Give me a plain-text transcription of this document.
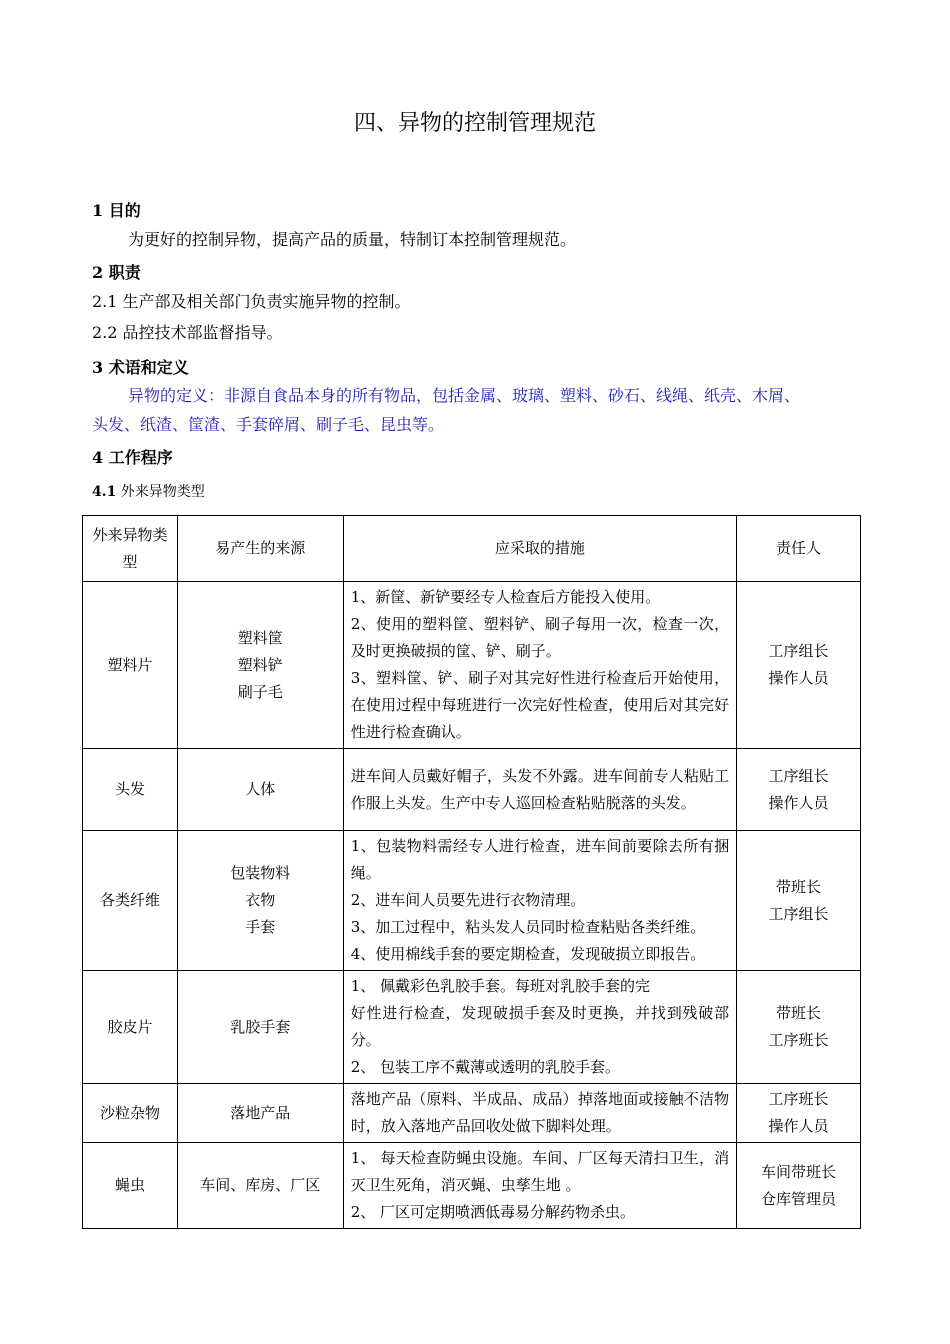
四、异物的控制管理规范
1 目的
为更好的控制异物，提高产品的质量，特制订本控制管理规范。
2 职责
2.1 生产部及相关部门负责实施异物的控制。
2.2 品控技术部监督指导。
3 术语和定义
异物的定义：非源自食品本身的所有物品，包括金属、玻璃、塑料、砂石、线绳、纸壳、木屑、
头发、纸渣、筐渣、手套碎屑、刷子毛、昆虫等。
4 工作程序
4.1 外来异物类型
外来异物类型	易产生的来源	应采取的措施	责任人
塑料片	塑料筐
塑料铲
刷子毛	1、新筐、新铲要经专人检查后方能投入使用。
2、使用的塑料筐、塑料铲、刷子每用一次，检查一次，及时更换破损的筐、铲、刷子。
3、塑料筐、铲、刷子对其完好性进行检查后开始使用，在使用过程中每班进行一次完好性检查，使用后对其完好性进行检查确认。	工序组长
操作人员

头发	人体	进车间人员戴好帽子，头发不外露。进车间前专人粘贴工作服上头发。生产中专人巡回检查粘贴脱落的头发。	工序组长
操作人员

各类纤维	包装物料
衣物
手套	1、包装物料需经专人进行检查，进车间前要除去所有捆绳。
2、进车间人员要先进行衣物清理。
3、加工过程中，粘头发人员同时检查粘贴各类纤维。
4、使用棉线手套的要定期检查，发现破损立即报告。	带班长
工序组长

胶皮片	乳胶手套	1、 佩戴彩色乳胶手套。每班对乳胶手套的完
好性进行检查，发现破损手套及时更换，并找到残破部分。
2、 包装工序不戴薄或透明的乳胶手套。	带班长
工序班长

沙粒杂物	落地产品	落地产品（原料、半成品、成品）掉落地面或接触不洁物时，放入落地产品回收处做下脚料处理。	工序班长
操作人员

蝇虫	车间、库房、厂区	1、 每天检查防蝇虫设施。车间、厂区每天清扫卫生，消灭卫生死角，消灭蝇、虫孳生地 。
2、 厂区可定期喷洒低毒易分解药物杀虫。	车间带班长
仓库管理员
